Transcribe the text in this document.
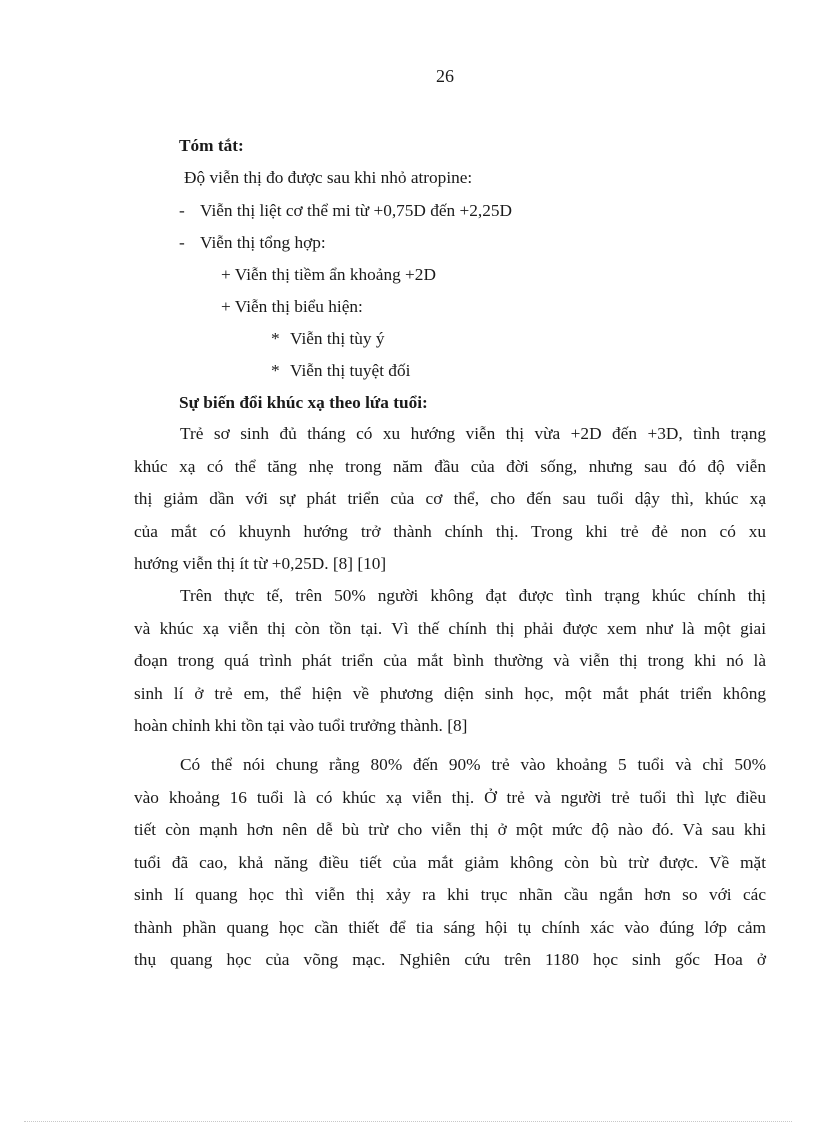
26
Tóm tắt:
Độ viễn thị đo được sau khi nhỏ atropine:
- Viễn thị liệt cơ thể mi từ +0,75D đến +2,25D
- Viễn thị tổng hợp:
+ Viễn thị tiềm ẩn khoảng +2D
+ Viễn thị biểu hiện:
* Viễn thị tùy ý
* Viễn thị tuyệt đối
Sự biến đổi khúc xạ theo lứa tuổi:
Trẻ sơ sinh đủ tháng có xu hướng viễn thị vừa +2D đến +3D, tình trạng
khúc xạ có thể tăng nhẹ trong năm đầu của đời sống, nhưng sau đó độ viễn
thị giảm dần với sự phát triển của cơ thể, cho đến sau tuổi dậy thì, khúc xạ
của mắt có khuynh hướng trở thành chính thị. Trong khi trẻ đẻ non có xu
hướng viễn thị ít từ +0,25D. [8] [10]
Trên thực tế, trên 50% người không đạt được tình trạng khúc chính thị
và khúc xạ viễn thị còn tồn tại. Vì thế chính thị phải được xem như là một giai
đoạn trong quá trình phát triển của mắt bình thường và viễn thị trong khi nó là
sinh lí ở trẻ em, thể hiện về phương diện sinh học, một mắt phát triển không
hoàn chỉnh khi tồn tại vào tuổi trưởng thành. [8]
Có thể nói chung rằng 80% đến 90% trẻ vào khoảng 5 tuổi và chỉ 50%
vào khoảng 16 tuổi là có khúc xạ viễn thị. Ở trẻ và người trẻ tuổi thì lực điều
tiết còn mạnh hơn nên dễ bù trừ cho viễn thị ở một mức độ nào đó. Và sau khi
tuổi đã cao, khả năng điều tiết của mắt giảm không còn bù trừ được. Về mặt
sinh lí quang học thì viễn thị xảy ra khi trục nhãn cầu ngắn hơn so với các
thành phần quang học cần thiết để tia sáng hội tụ chính xác vào đúng lớp cảm
thụ quang học của võng mạc. Nghiên cứu trên 1180 học sinh gốc Hoa ở
